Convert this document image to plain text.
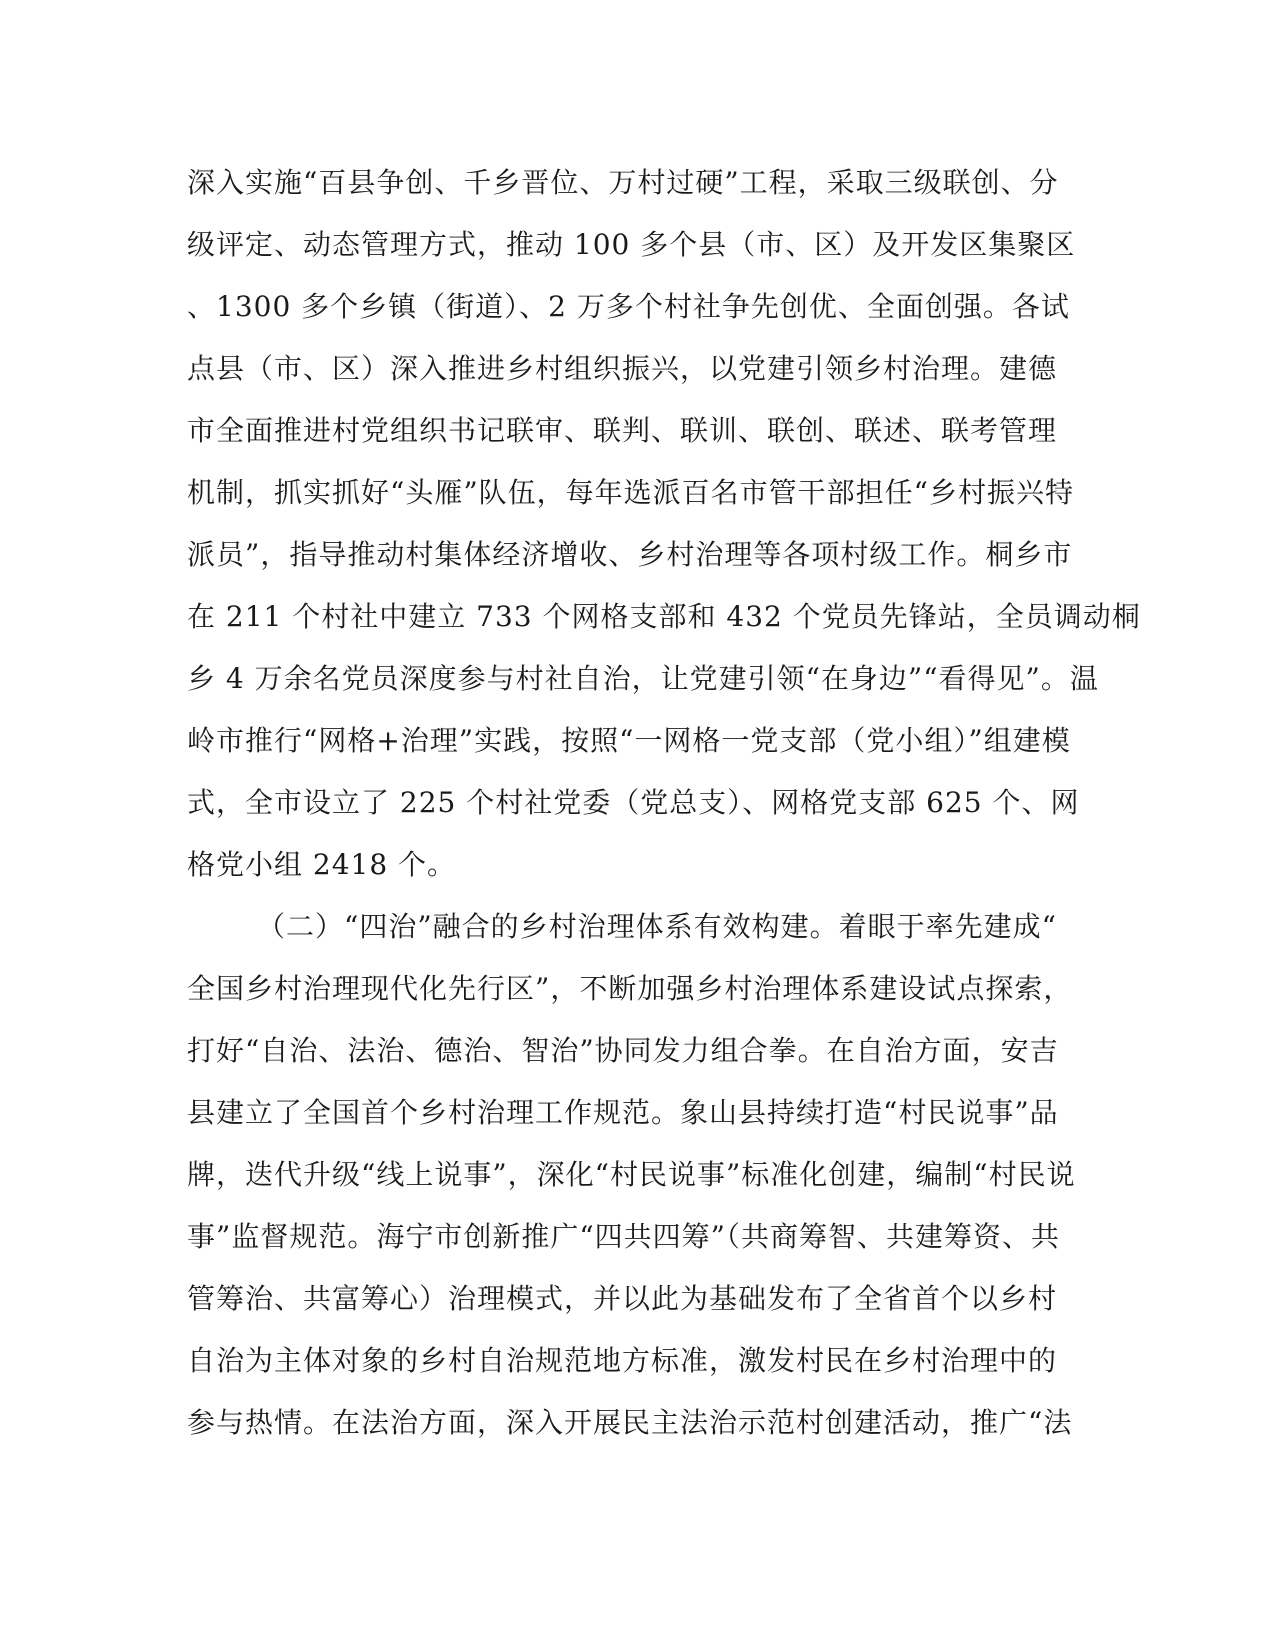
深入实施“百县争创、千乡晋位、万村过硬”工程，采取三级联创、分
级评定、动态管理方式，推动 100 多个县（市、区）及开发区集聚区
、1300 多个乡镇（街道）、2 万多个村社争先创优、全面创强。各试
点县（市、区）深入推进乡村组织振兴，以党建引领乡村治理。建德
市全面推进村党组织书记联审、联判、联训、联创、联述、联考管理
机制，抓实抓好“头雁”队伍，每年选派百名市管干部担任“乡村振兴特
派员”，指导推动村集体经济增收、乡村治理等各项村级工作。桐乡市
在 211 个村社中建立 733 个网格支部和 432 个党员先锋站，全员调动桐
乡 4 万余名党员深度参与村社自治，让党建引领“在身边”“看得见”。温
岭市推行“网格+治理”实践，按照“一网格一党支部（党小组）”组建模
式，全市设立了 225 个村社党委（党总支）、网格党支部 625 个、网
格党小组 2418 个。
（二）“四治”融合的乡村治理体系有效构建。着眼于率先建成“
全国乡村治理现代化先行区”，不断加强乡村治理体系建设试点探索，
打好“自治、法治、德治、智治”协同发力组合拳。在自治方面，安吉
县建立了全国首个乡村治理工作规范。象山县持续打造“村民说事”品
牌，迭代升级“线上说事”，深化“村民说事”标准化创建，编制“村民说
事”监督规范。海宁市创新推广“四共四筹”（共商筹智、共建筹资、共
管筹治、共富筹心）治理模式，并以此为基础发布了全省首个以乡村
自治为主体对象的乡村自治规范地方标准，激发村民在乡村治理中的
参与热情。在法治方面，深入开展民主法治示范村创建活动，推广“法
